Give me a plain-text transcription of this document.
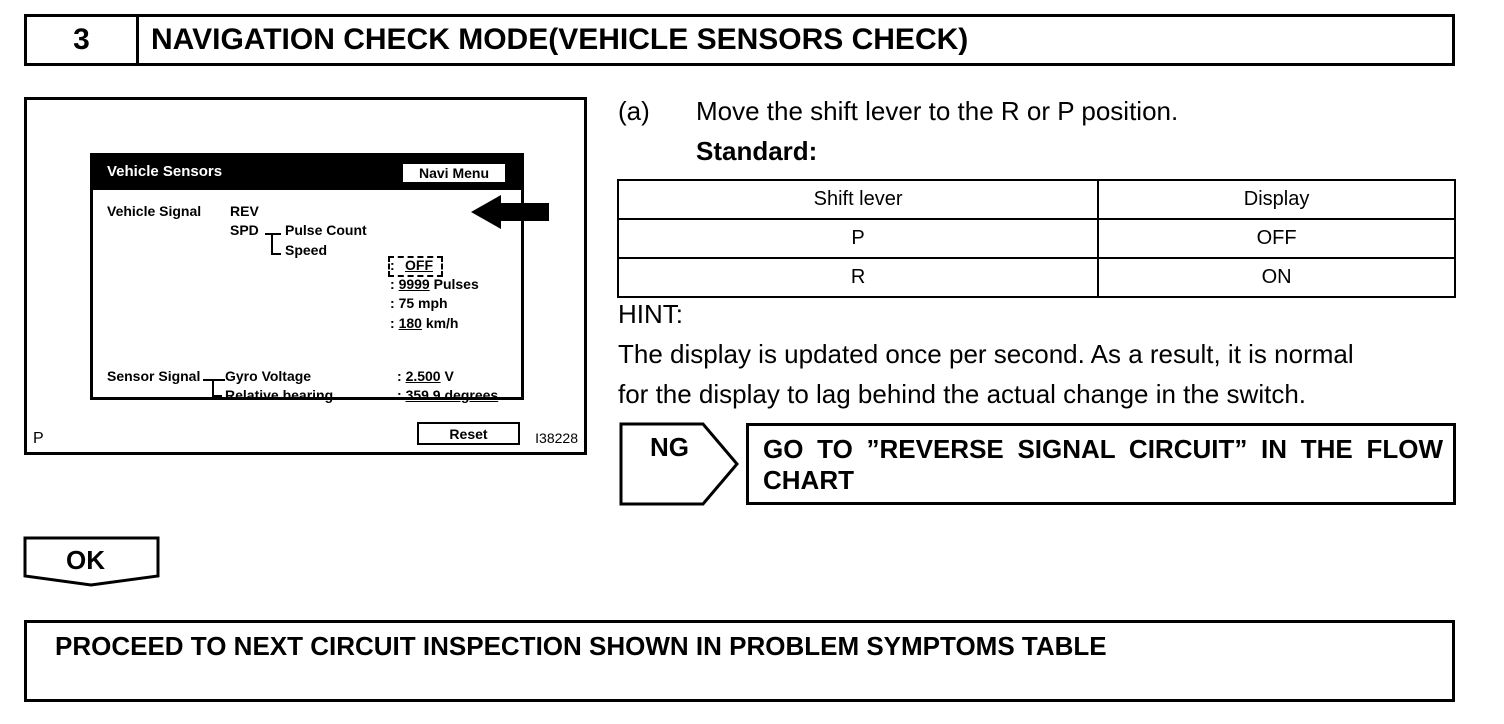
3	NAVIGATION CHECK MODE(VEHICLE SENSORS CHECK)
Vehicle Sensors	Navi Menu
Vehicle Signal REV
SPD Pulse Count
Speed
: OFF
: 9999 Pulses
: 75 mph
: 180 km/h
Sensor Signal Gyro Voltage
Relative bearing
: 2.500 V
: 359.9 degrees
Reset
P	I38228
(a) Move the shift lever to the R or P position.
Standard:
Shift lever	Display
P	OFF
R	ON
HINT:
The display is updated once per second. As a result, it is normal
for the display to lag behind the actual change in the switch.
NG	GO TO ”REVERSE SIGNAL CIRCUIT” IN THE FLOW CHART
OK
PROCEED TO NEXT CIRCUIT INSPECTION SHOWN IN PROBLEM SYMPTOMS TABLE
